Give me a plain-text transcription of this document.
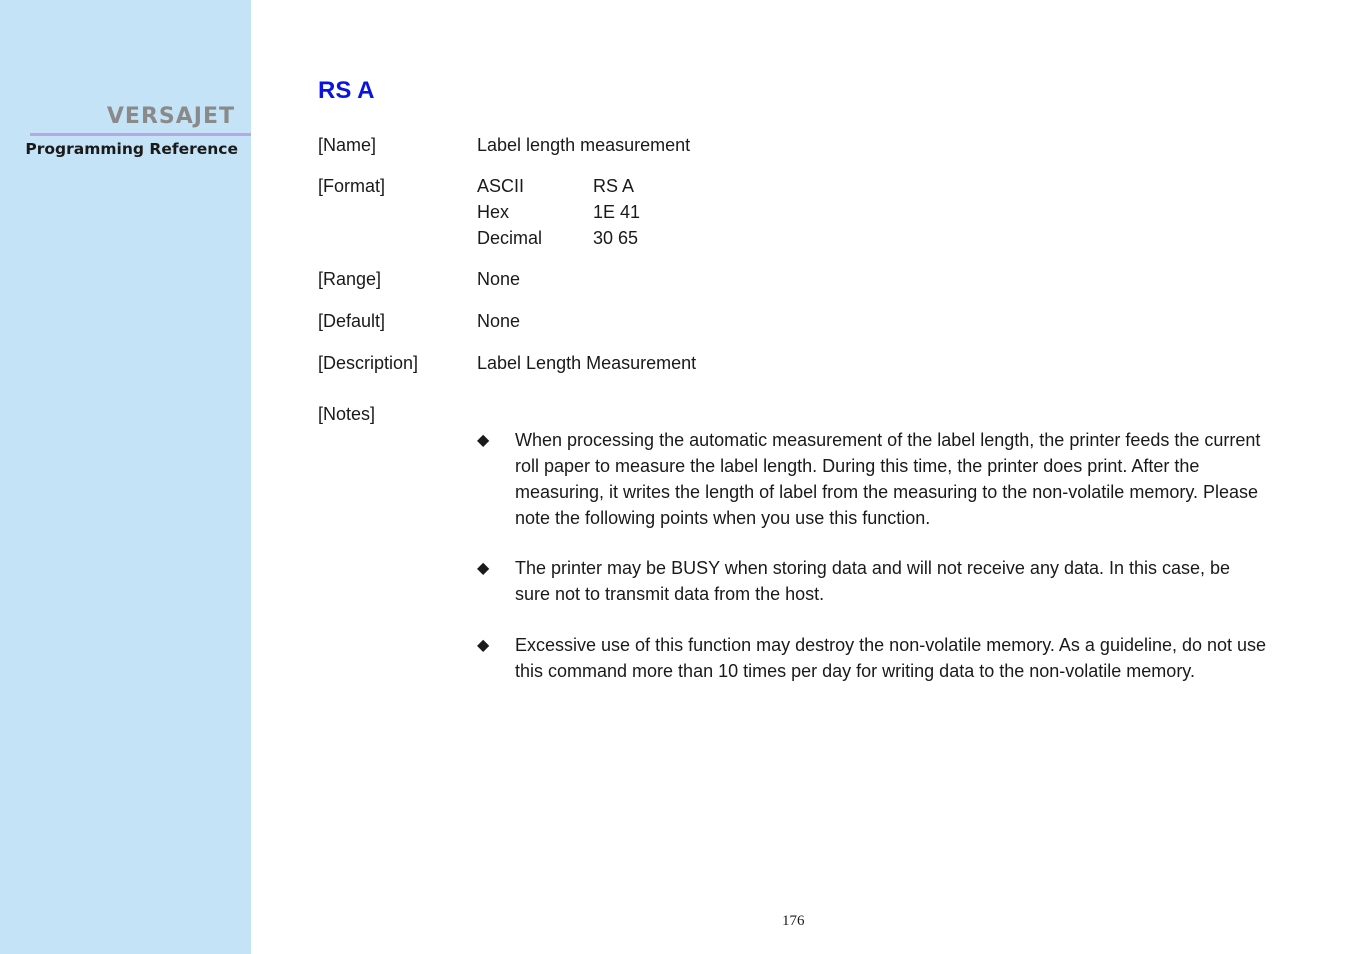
VERSAJET
Programming Reference
RS A
[Name]	Label length measurement
[Format]	ASCII	RS A
Hex	1E 41
Decimal	30 65
[Range]	None
[Default]	None
[Description]	Label Length Measurement
[Notes]
◆ When processing the automatic measurement of the label length, the printer feeds the current roll paper to measure the label length. During this time, the printer does print. After the measuring, it writes the length of label from the measuring to the non-volatile memory. Please note the following points when you use this function.
◆ The printer may be BUSY when storing data and will not receive any data. In this case, be sure not to transmit data from the host.
◆ Excessive use of this function may destroy the non-volatile memory. As a guideline, do not use this command more than 10 times per day for writing data to the non-volatile memory.
176
